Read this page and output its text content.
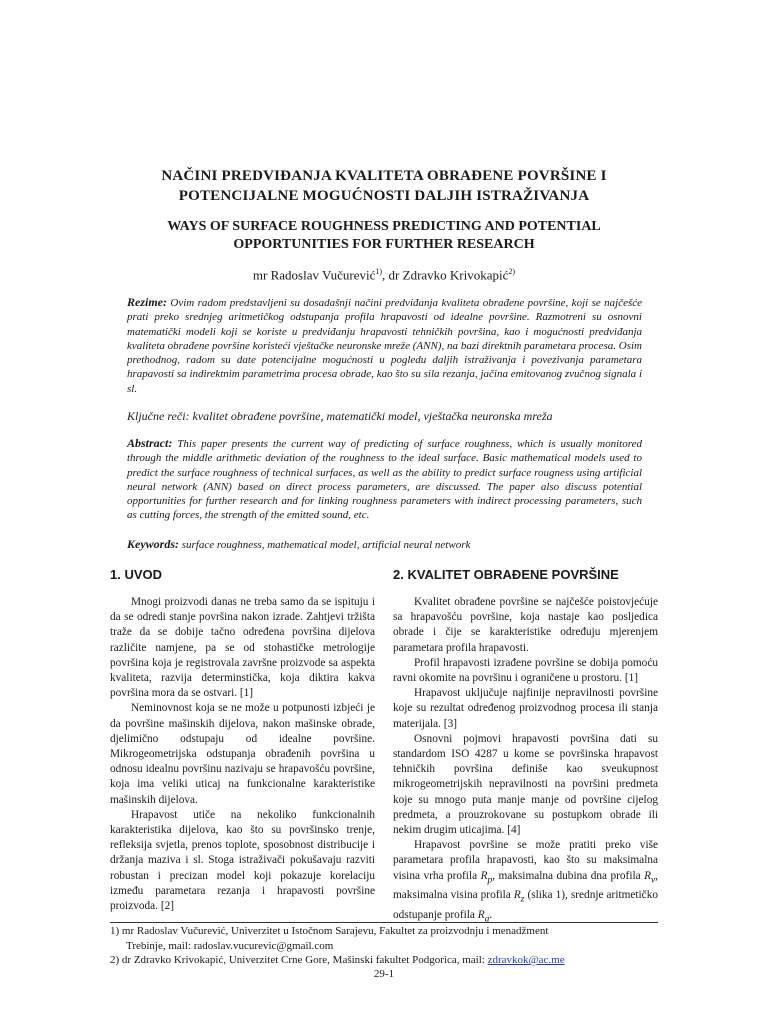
NAČINI PREDVIĐANJA KVALITETA OBRAĐENE POVRŠINE I
POTENCIJALNE MOGUĆNOSTI DALJIH ISTRAŽIVANJA
WAYS OF SURFACE ROUGHNESS PREDICTING AND POTENTIAL
OPPORTUNITIES FOR FURTHER RESEARCH
mr Radoslav Vučurević$^{1)}$, dr Zdravko Krivokapić$^{2)}$
Rezime: Ovim radom predstavljeni su dosadašnji načini predviđanja kvaliteta obrađene površine, koji se najčešće prati preko srednjeg aritmetičkog odstupanja profila hrapavosti od idealne površine. Razmotreni su osnovni matematički modeli koji se koriste u predviđanju hrapavosti tehničkih površina, kao i mogućnosti predviđanja kvaliteta obrađene površine koristeći vještačke neuronske mreže (ANN), na bazi direktnih parametara procesa. Osim prethodnog, radom su date potencijalne mogućnosti u pogledu daljih istraživanja i povezivanja parametara hrapavosti sa indirektnim parametrima procesa obrade, kao što su sila rezanja, jačina emitovanog zvučnog signala i sl.
Ključne reči: kvalitet obrađene površine, matematički model, vještačka neuronska mreža
Abstract: This paper presents the current way of predicting of surface roughness, which is usually monitored through the middle arithmetic deviation of the roughness to the ideal surface. Basic mathematical models used to predict the surface roughness of technical surfaces, as well as the ability to predict surface rougness using artificial neural network (ANN) based on direct process parameters, are discussed. The paper also discuss potential opportunities for further research and for linking roughness parameters with indirect processing parameters, such as cutting forces, the strength of the emitted sound, etc.
Keywords: surface roughness, mathematical model, artificial neural network
1. UVOD	2. KVALITET OBRAĐENE POVRŠINE

Mnogi proizvodi danas ne treba samo da se ispituju i da se odredi stanje površina nakon izrade. Zahtjevi tržišta traže da se dobije tačno određena površina dijelova različite namjene, pa se od stohastičke metrologije površina koja je registrovala završne proizvode sa aspekta kvaliteta, razvija determinstička, koja diktira kakva površina mora da se ostvari. [1]

Neminovnost koja se ne može u potpunosti izbjeći je da površine mašinskih dijelova, nakon mašinske obrade, djelimično odstupaju od idealne površine. Mikrogeometrijska odstupanja obrađenih površina u odnosu idealnu površinu nazivaju se hrapavošću površine, koja ima veliki uticaj na funkcionalne karakteristike mašinskih dijelova.

Hrapavost utiče na nekoliko funkcionalnih karakteristika dijelova, kao što su površinsko trenje, refleksija svjetla, prenos toplote, sposobnost distribucije i držanja maziva i sl. Stoga istraživači pokušavaju razviti robustan i precizan model koji pokazuje korelaciju između parametara rezanja i hrapavosti površine proizvoda. [2]

Kvalitet obrađene površine se najčešće poistovjećuje sa hrapavošću površine, koja nastaje kao posljedica obrade i čije se karakteristike određuju mjerenjem parametara profila hrapavosti.

Profil hrapavosti izrađene površine se dobija pomoću ravni okomite na površinu i ograničene u prostoru. [1]

Hrapavost uključuje najfinije nepravilnosti površine koje su rezultat određenog proizvodnog procesa ili stanja materijala. [3]

Osnovni pojmovi hrapavosti površina dati su standardom ISO 4287 u kome se površinska hrapavost tehničkih površina definiše kao sveukupnost mikrogeometrijskih nepravilnosti na površini predmeta koje su mnogo puta manje manje od površine cijelog predmeta, a prouzrokovane su postupkom obrade ili nekim drugim uticajima. [4]

Hrapavost površine se može pratiti preko više parametara profila hrapavosti, kao što su maksimalna visina vrha profila $R_p$, maksimalna dubina dna profila $R_v$, maksimalna visina profila $R_z$ (slika 1), srednje aritmetičko odstupanje profila $R_a$.

1) mr Radoslav Vučurević, Univerzitet u Istočnom Sarajevu, Fakultet za proizvodnju i menadžment
Trebinje, mail: radoslav.vucurevic@gmail.com
2) dr Zdravko Krivokapić, Univerzitet Crne Gore, Mašinski fakultet Podgorica, mail: zdravkok@ac.me
29-1
